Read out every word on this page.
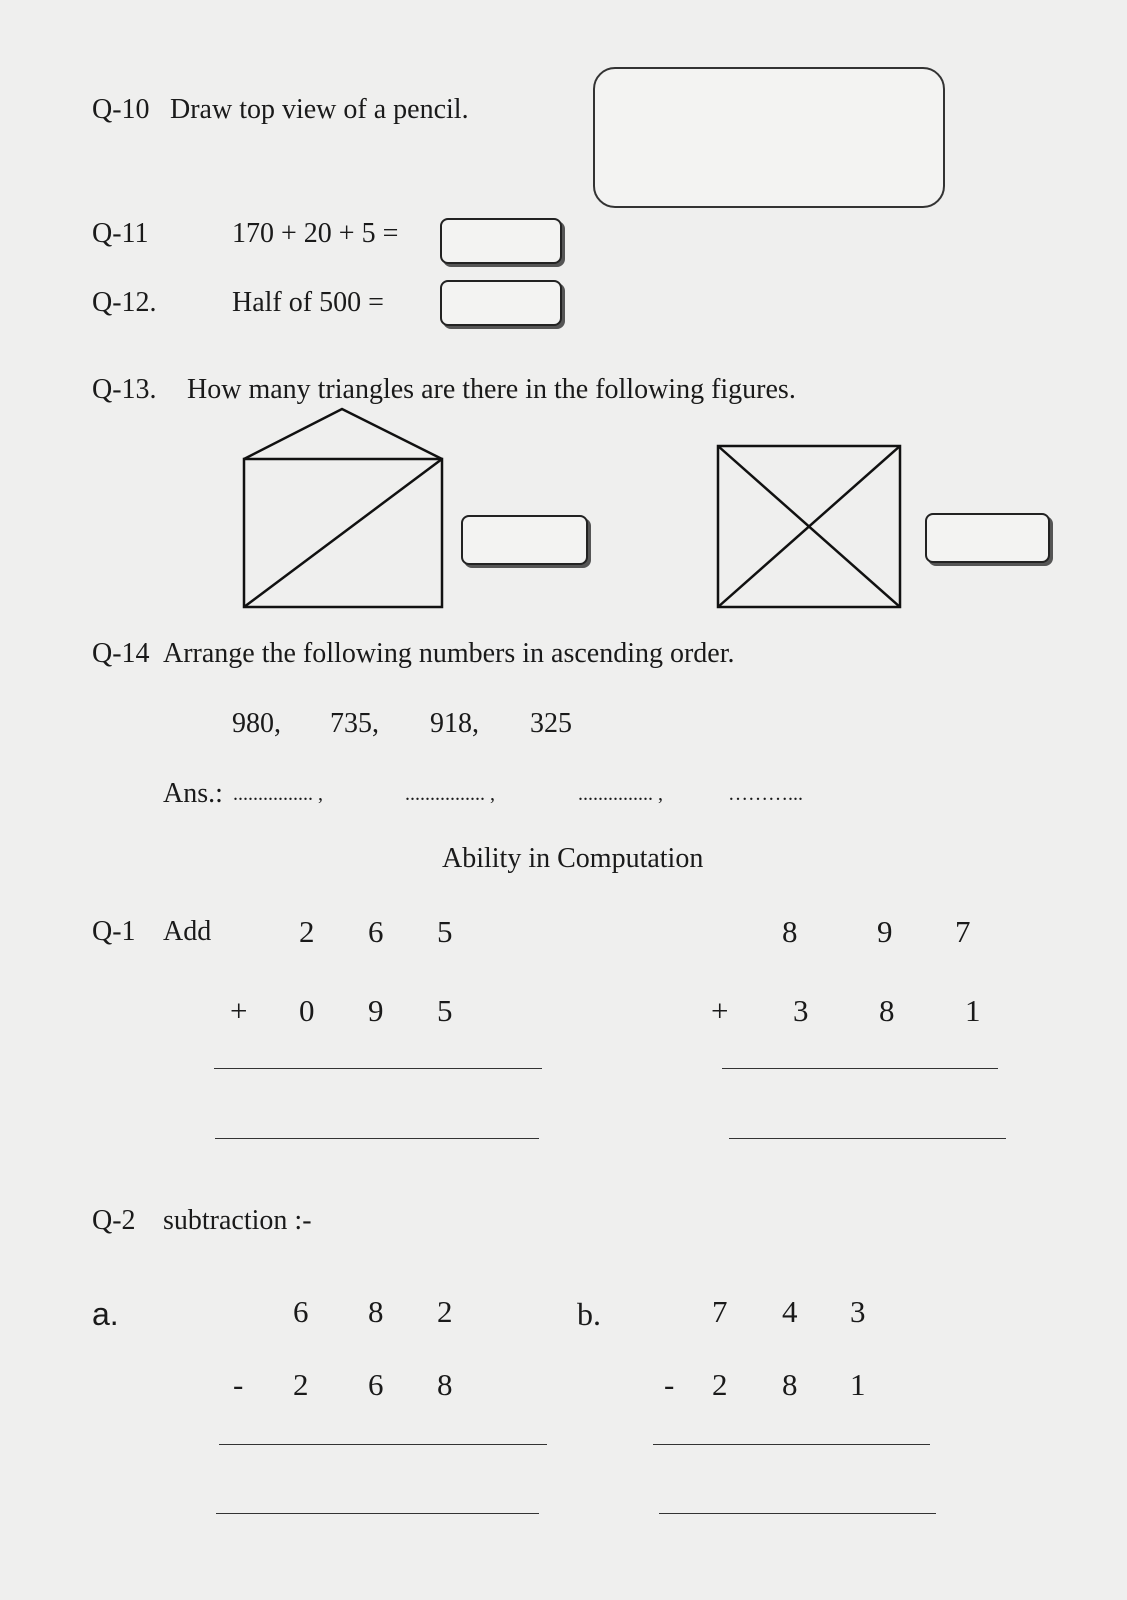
Q-10 Draw top view of a pencil.
Q-11	170 + 20 + 5 =
Q-12.	Half of 500 =
Q-13. How many triangles are there in the following figures.
Q-14 Arrange the following numbers in ascending order.
980, 735, 918, 325
Ans.: ................ ,	................ ,	............... ,	………...
Ability in Computation
Q-1 Add	2 6 5
+ 0 9 5
8	9 7
+ 3 8 1
Q-2 subtraction :-
a.	6 8 2
- 2 6 8
b.	7 4 3
- 2 8 1
